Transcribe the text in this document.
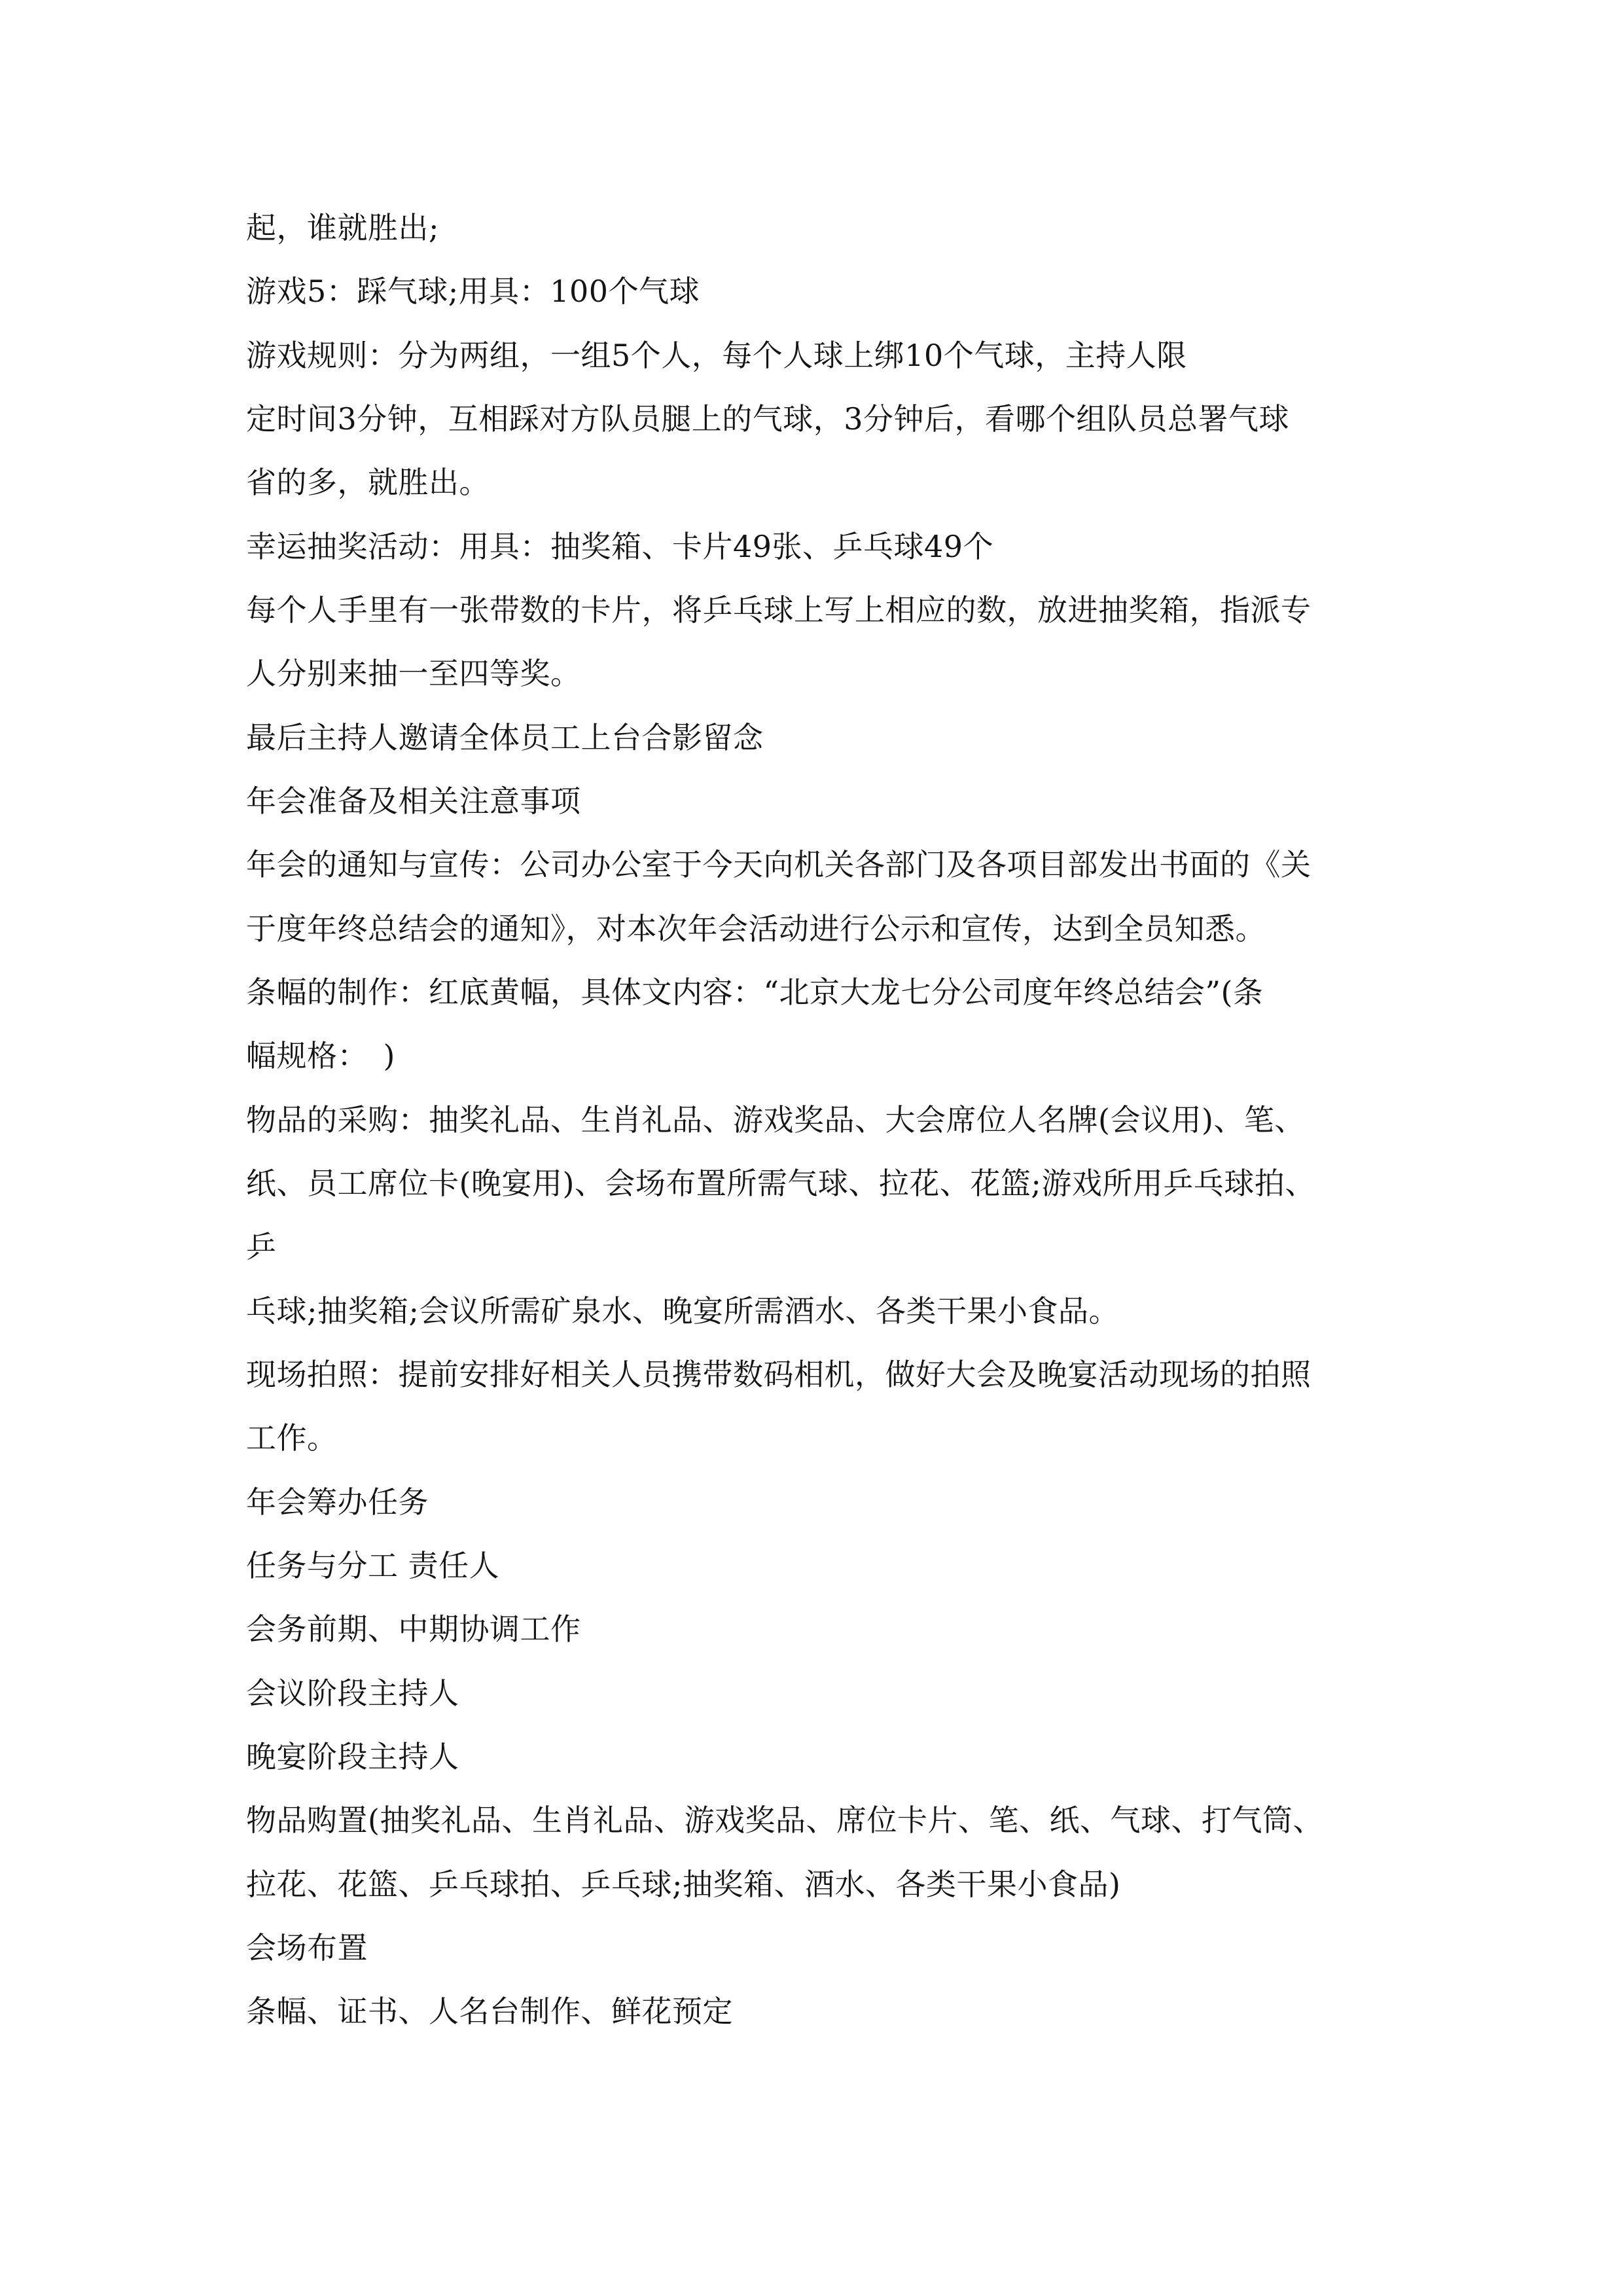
起，谁就胜出;
游戏5：踩气球;用具：100个气球
游戏规则：分为两组，一组5个人，每个人球上绑10个气球，主持人限
定时间3分钟，互相踩对方队员腿上的气球，3分钟后，看哪个组队员总署气球
省的多，就胜出。
幸运抽奖活动：用具：抽奖箱、卡片49张、乒乓球49个
每个人手里有一张带数的卡片，将乒乓球上写上相应的数，放进抽奖箱，指派专
人分别来抽一至四等奖。
最后主持人邀请全体员工上台合影留念
年会准备及相关注意事项
年会的通知与宣传：公司办公室于今天向机关各部门及各项目部发出书面的《关
于度年终总结会的通知》，对本次年会活动进行公示和宣传，达到全员知悉。
条幅的制作：红底黄幅，具体文内容：“北京大龙七分公司度年终总结会”(条
幅规格：　)
物品的采购：抽奖礼品、生肖礼品、游戏奖品、大会席位人名牌(会议用)、笔、
纸、员工席位卡(晚宴用)、会场布置所需气球、拉花、花篮;游戏所用乒乓球拍、
乒
乓球;抽奖箱;会议所需矿泉水、晚宴所需酒水、各类干果小食品。
现场拍照：提前安排好相关人员携带数码相机，做好大会及晚宴活动现场的拍照
工作。
年会筹办任务
任务与分工 责任人
会务前期、中期协调工作
会议阶段主持人
晚宴阶段主持人
物品购置(抽奖礼品、生肖礼品、游戏奖品、席位卡片、笔、纸、气球、打气筒、
拉花、花篮、乒乓球拍、乒乓球;抽奖箱、酒水、各类干果小食品)
会场布置
条幅、证书、人名台制作、鲜花预定
